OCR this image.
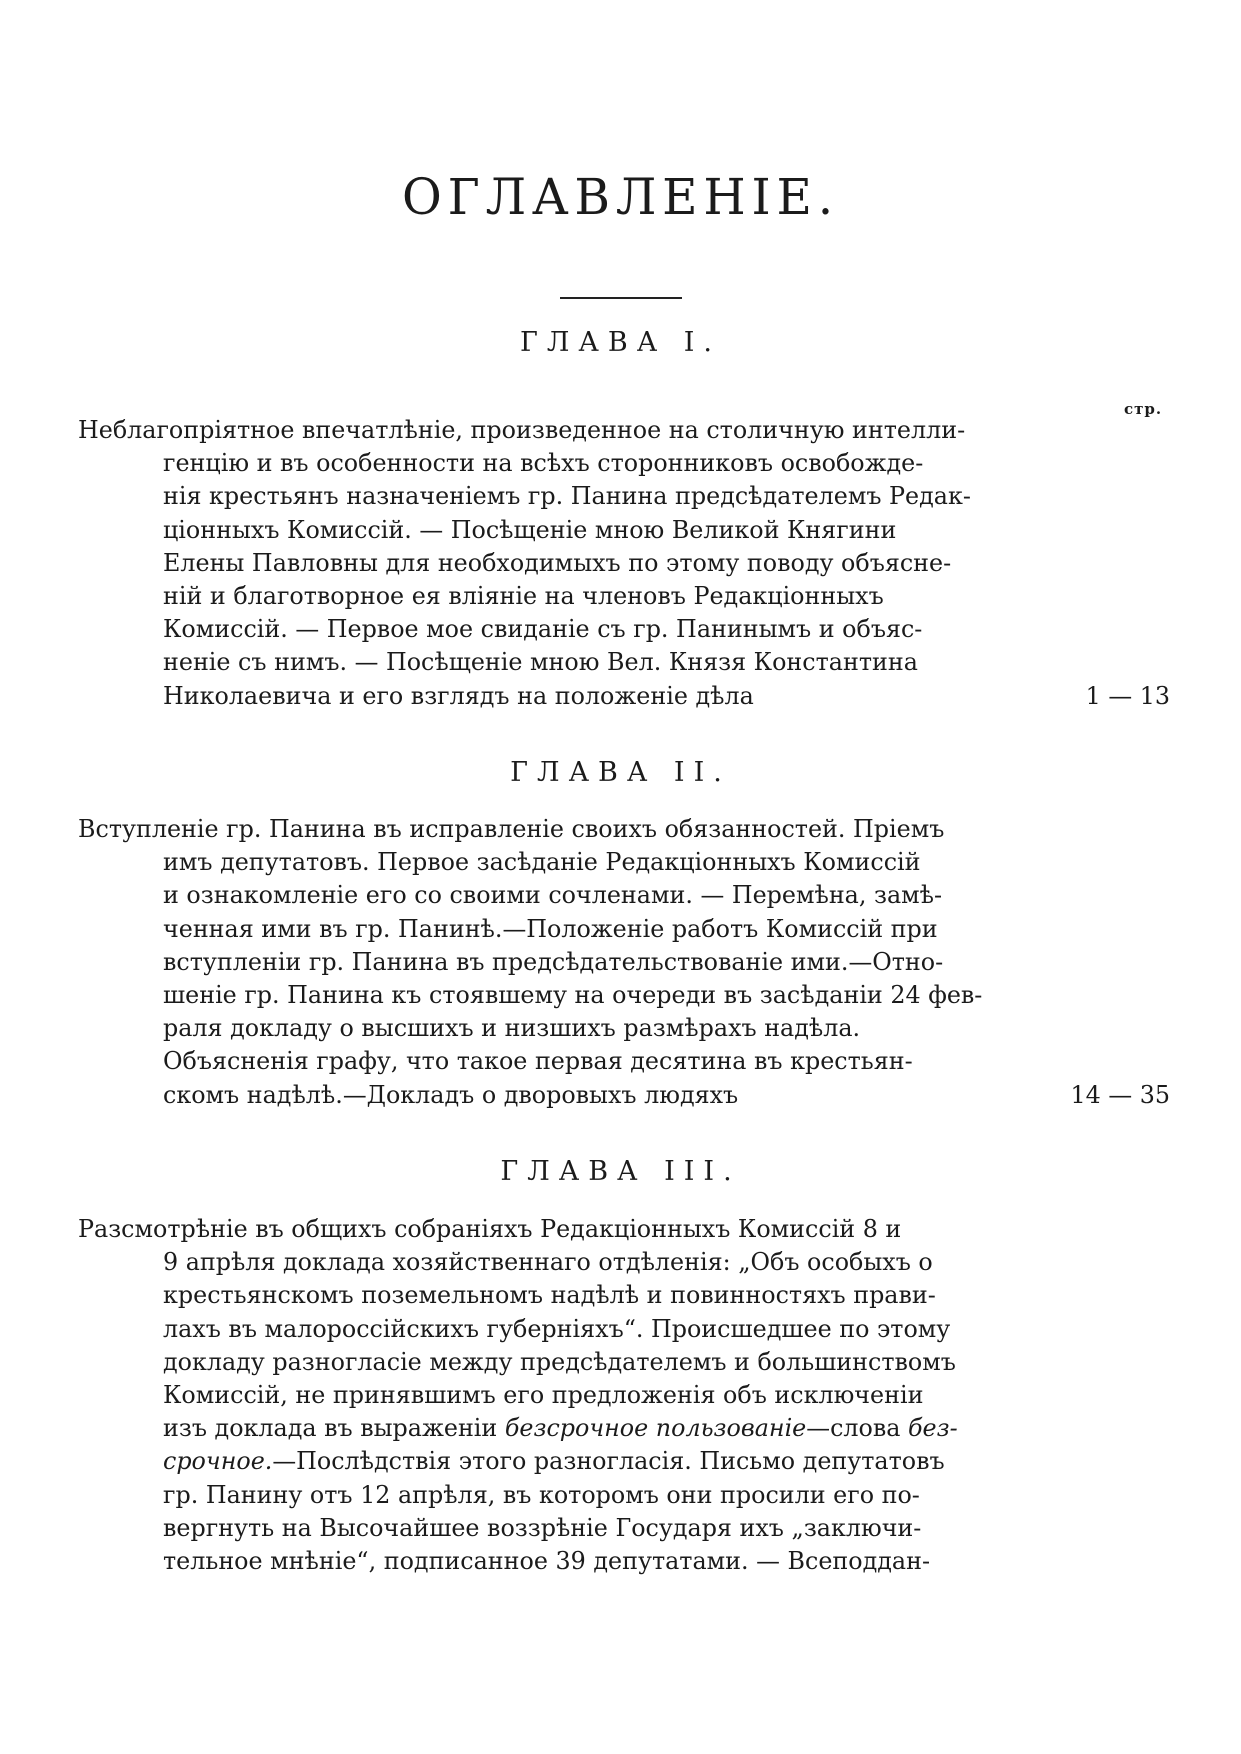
ОГЛАВЛЕНІЕ.
ГЛАВА I.
стр.
Неблагопріятное впечатлѣніе, произведенное на столичную интелли-
генцію и въ особенности на всѣхъ сторонниковъ освобожде-
нія крестьянъ назначеніемъ гр. Панина предсѣдателемъ Редак-
ціонныхъ Комиссій. — Посѣщеніе мною Великой Княгини
Елены Павловны для необходимыхъ по этому поводу объясне-
ній и благотворное ея вліяніе на членовъ Редакціонныхъ
Комиссій. — Первое мое свиданіе съ гр. Панинымъ и объяс-
неніе съ нимъ. — Посѣщеніе мною Вел. Князя Константина
Николаевича и его взглядъ на положеніе дѣла	1 — 13
ГЛАВА II.
Вступленіе гр. Панина въ исправленіе своихъ обязанностей. Пріемъ
имъ депутатовъ. Первое засѣданіе Редакціонныхъ Комиссій
и ознакомленіе его со своими сочленами. — Перемѣна, замѣ-
ченная ими въ гр. Панинѣ.—Положеніе работъ Комиссій при
вступленіи гр. Панина въ предсѣдательствованіе ими.—Отно-
шеніе гр. Панина къ стоявшему на очереди въ засѣданіи 24 фев-
раля докладу о высшихъ и низшихъ размѣрахъ надѣла.
Объясненія графу, что такое первая десятина въ крестьян-
скомъ надѣлѣ.—Докладъ о дворовыхъ людяхъ	14 — 35
ГЛАВА III.
Разсмотрѣніе въ общихъ собраніяхъ Редакціонныхъ Комиссій 8 и
9 апрѣля доклада хозяйственнаго отдѣленія: „Объ особыхъ о
крестьянскомъ поземельномъ надѣлѣ и повинностяхъ прави-
лахъ въ малороссійскихъ губерніяхъ“. Происшедшее по этому
докладу разногласіе между предсѣдателемъ и большинствомъ
Комиссій, не принявшимъ его предложенія объ исключеніи
изъ доклада въ выраженіи безсрочное пользованіе—слова без-
срочное.—Послѣдствія этого разногласія. Письмо депутатовъ
гр. Панину отъ 12 апрѣля, въ которомъ они просили его по-
вергнуть на Высочайшее воззрѣніе Государя ихъ „заключи-
тельное мнѣніе“, подписанное 39 депутатами. — Всеподдан-
